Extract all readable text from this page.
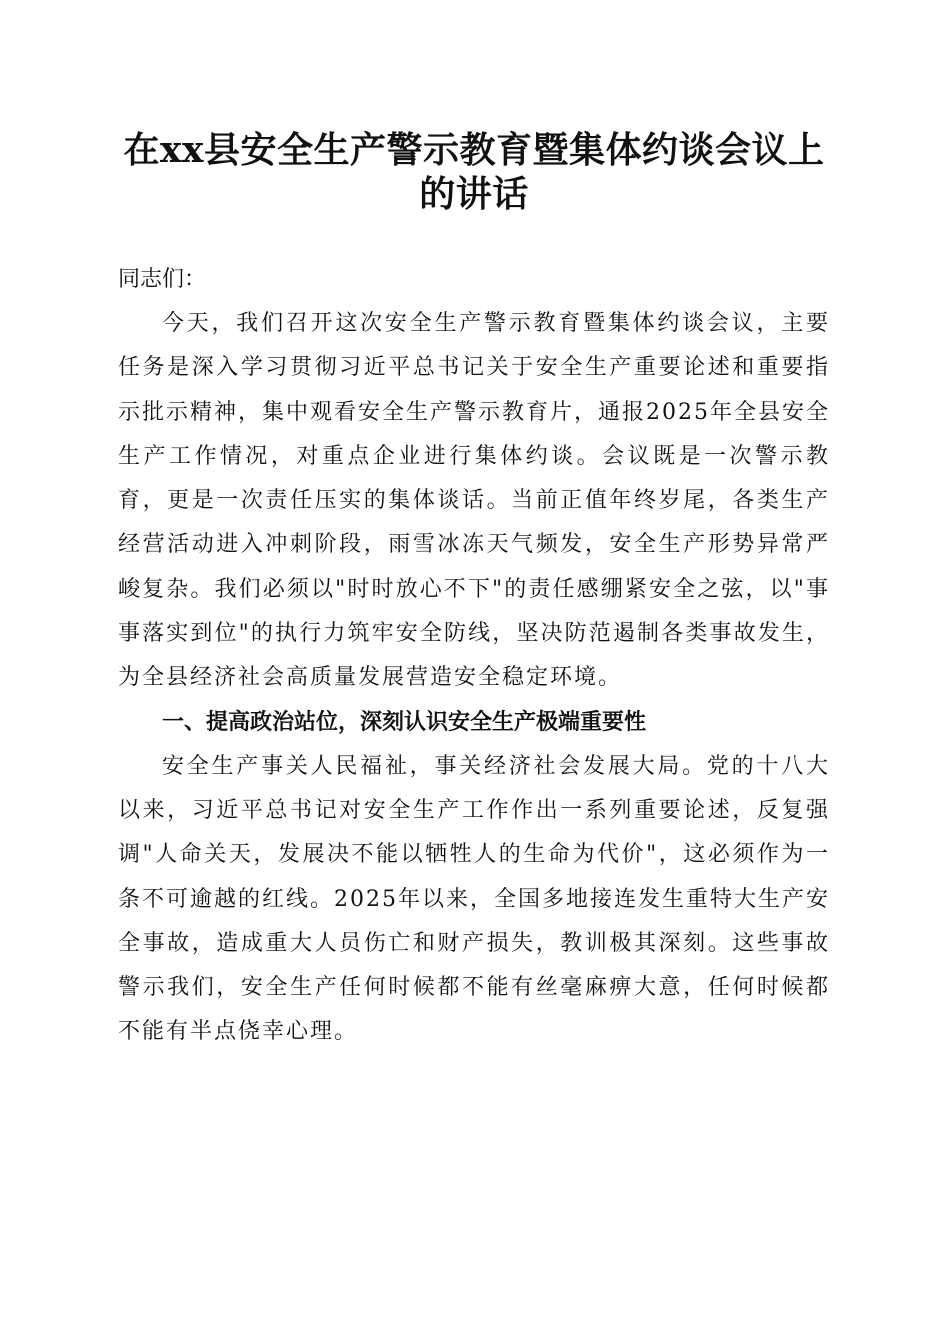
在xx县安全生产警示教育暨集体约谈会议上
的讲话

同志们：

今天，我们召开这次安全生产警示教育暨集体约谈会议，主要任务是深入学习贯彻习近平总书记关于安全生产重要论述和重要指示批示精神，集中观看安全生产警示教育片，通报2025年全县安全生产工作情况，对重点企业进行集体约谈。会议既是一次警示教育，更是一次责任压实的集体谈话。当前正值年终岁尾，各类生产经营活动进入冲刺阶段，雨雪冰冻天气频发，安全生产形势异常严峻复杂。我们必须以"时时放心不下"的责任感绷紧安全之弦，以"事事落实到位"的执行力筑牢安全防线，坚决防范遏制各类事故发生，为全县经济社会高质量发展营造安全稳定环境。

一、提高政治站位，深刻认识安全生产极端重要性

安全生产事关人民福祉，事关经济社会发展大局。党的十八大以来，习近平总书记对安全生产工作作出一系列重要论述，反复强调"人命关天，发展决不能以牺牲人的生命为代价"，这必须作为一条不可逾越的红线。2025年以来，全国多地接连发生重特大生产安全事故，造成重大人员伤亡和财产损失，教训极其深刻。这些事故警示我们，安全生产任何时候都不能有丝毫麻痹大意，任何时候都不能有半点侥幸心理。
